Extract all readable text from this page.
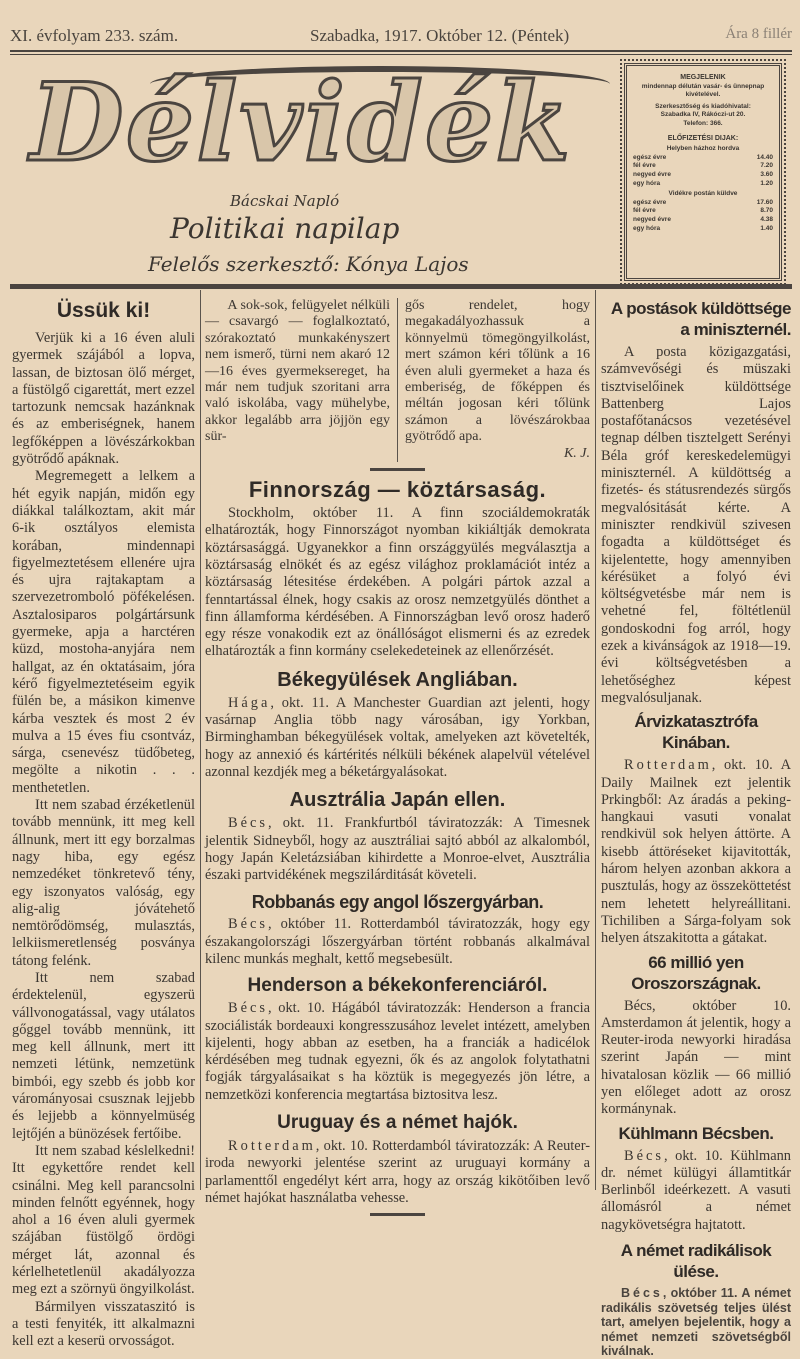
XI. évfolyam 233. szám.	Szabadka, 1917. Október 12. (Péntek)	Ára 8 fillér
Délvidék
Bácskai Napló
Politikai napilap
Felelős szerkesztő: Kónya Lajos
MEGJELENIK
mindennap délután vasár- és ünnepnap kivételével.
Szerkesztőség és kiadóhivatal:
Szabadka IV, Rákóczi-ut 20.
Telefon: 366.
ELŐFIZETÉSI DIJAK:
Helyben házhoz hordva
egész évre	14.40
fél évre	7.20
negyed évre	3.60
egy hóra	1.20
Vidékre postán küldve
egész évre	17.60
fél évre	8.70
negyed évre	4.38
egy hóra	1.40
Üssük ki!

Verjük ki a 16 éven aluli gyermek szájából a lopva, lassan, de biztosan ölő mérget, a füstölgő cigarettát, mert ezzel tartozunk nemcsak hazánknak és az emberiségnek, hanem legfőképpen a lövészárkokban gyötrődő apáknak.

Megremegett a lelkem a hét egyik napján, midőn egy diákkal találkoztam, akit már 6-ik osztályos elemista korában, mindennapi figyelmeztetésem ellenére ujra és ujra rajtakaptam a szervezetromboló pöfékelésen. Asztalosiparos polgártársunk gyermeke, apja a harctéren küzd, mostoha-anyjára nem hallgat, az én oktatásaim, jóra kérő figyelmeztetéseim egyik fülén be, a másikon kimenve kárba vesztek és most 2 év mulva a 15 éves fiu csontváz, sárga, csenevész tüdőbeteg, megölte a nikotin . . . menthetetlen.

Itt nem szabad érzéketlenül tovább mennünk, itt meg kell állnunk, mert itt egy borzalmas nagy hiba, egy egész nemzedéket tönkretevő tény, egy iszonyatos valóság, egy alig-alig jóvátehető nemtörődömség, mulasztás, lelkiismeretlenség posványa tátong felénk.

Itt nem szabad érdektelenül, egyszerü vállvonogatással, vagy utálatos gőggel tovább mennünk, itt meg kell állnunk, mert itt nemzeti létünk, nemzetünk bimbói, egy szebb és jobb kor várományosai csusznak lejjebb és lejjebb a könnyelmüség lejtőjén a bünözések fertőibe.

Itt nem szabad késlelkedni! Itt egykettőre rendet kell csinálni. Meg kell parancsolni minden felnőtt egyénnek, hogy ahol a 16 éven aluli gyermek szájában füstölgő ördögi mérget lát, azonnal és kérlelhetetlenül akadályozza meg ezt a szörnyü öngyilkolást.

Bármilyen visszataszitó is a testi fenyiték, itt alkalmazni kell ezt a keserü orvosságot.

A sok-sok, felügyelet nélküli — csavargó — foglalkoztató, szórakoztató munkakényszert nem ismerő, türni nem akaró 12—16 éves gyermeksereget, ha már nem tudjuk szoritani arra való iskolába, vagy mühelybe, akkor legalább arra jöjjön egy sür-

gős rendelet, hogy megakadályozhassuk a könnyelmü tömegöngyilkolást, mert számon kéri tőlünk a 16 éven aluli gyermeket a haza és emberiség, de főképpen és méltán jogosan kéri tőlünk számon a lövészárokbaa gyötrődő apa.

K. J.
Finnország — köztársaság.

Stockholm, október 11. A finn szociáldemokraták elhatározták, hogy Finnországot nyomban kikiáltják demokrata köztársasággá. Ugyanekkor a finn országgyülés megválasztja a köztársaság elnökét és az egész világhoz proklamációt intéz a köztársaság létesitése érdekében. A polgári pártok azzal a fenntartással élnek, hogy csakis az orosz nemzetgyülés dönthet a finn államforma kérdésében. A Finnországban levő orosz haderő egy része vonakodik ezt az önállóságot elismerni és az ezredek elhatározták a finn kormány cselekedeteinek az ellenőrzését.

Békegyülések Angliában.

Hága, okt. 11. A Manchester Guardian azt jelenti, hogy vasárnap Anglia több nagy városában, igy Yorkban, Birminghamban békegyülések voltak, amelyeken azt követelték, hogy az annexió és kártérités nélküli békének alapelvül vételével azonnal kezdjék meg a béketárgyalásokat.

Ausztrália Japán ellen.

Bécs, okt. 11. Frankfurtból táviratozzák: A Timesnek jelentik Sidneyből, hogy az ausztráliai sajtó abból az alkalomból, hogy Japán Keletázsiában kihirdette a Monroe-elvet, Ausztrália északi partvidékének megszilárditását követeli.

Robbanás egy angol lőszergyárban.

Bécs, október 11. Rotterdamból táviratozzák, hogy egy északangolországi lőszergyárban történt robbanás alkalmával kilenc munkás meghalt, kettő megsebesült.

Henderson a békekonferenciáról.

Bécs, okt. 10. Hágából táviratozzák: Henderson a francia szociálisták bordeauxi kongresszusához levelet intézett, amelyben kijelenti, hogy abban az esetben, ha a franciák a hadicélok kérdésében meg tudnak egyezni, ők és az angolok folytathatni fogják tárgyalásaikat s ha köztük is megegyezés jön létre, a nemzetközi konferencia megtartása biztositva lesz.

Uruguay és a német hajók.

Rotterdam, okt. 10. Rotterdamból táviratozzák: A Reuter-iroda newyorki jelentése szerint az uruguayi kormány a parlamenttől engedélyt kért arra, hogy az ország kikötőiben levő német hajókat használatba vehesse.

A postások küldöttsége a miniszternél.

A posta közigazgatási, számvevőségi és müszaki tisztviselőinek küldöttsége Battenberg Lajos postafőtanácsos vezetésével tegnap délben tisztelgett Serényi Béla gróf kereskedelemügyi miniszternél. A küldöttség a fizetés- és státusrendezés sürgős megvalósitását kérte. A miniszter rendkivül szivesen fogadta a küldöttséget és kijelentette, hogy amennyiben kérésüket a folyó évi költségvetésbe már nem is vehetné fel, föltétlenül gondoskodni fog arról, hogy ezek a kivánságok az 1918—19. évi költségvetésben a lehetőséghez képest megvalósuljanak.

Árvizkatasztrófa Kinában.

Rotterdam, okt. 10. A Daily Mailnek ezt jelentik Prkingből: Az áradás a peking-hangkaui vasuti vonalat rendkivül sok helyen áttörte. A kisebb áttöréseket kijavitották, három helyen azonban akkora a pusztulás, hogy az összeköttetést nem lehetett helyreállitani. Tichiliben a Sárga-folyam sok helyen átszakitotta a gátakat.

66 millió yen Oroszországnak.

Bécs, október 10. Amsterdamon át jelentik, hogy a Reuter-iroda newyorki hiradása szerint Japán — mint hivatalosan közlik — 66 millió yen előleget adott az orosz kormánynak.

Kühlmann Bécsben.

Bécs, okt. 10. Kühlmann dr. német külügyi államtitkár Berlinből ideérkezett. A vasuti állomásról a német nagykövetségra hajtatott.

A német radikálisok ülése.

Bécs, október 11. A német radikális szövetség teljes ülést tart, amelyen bejelentik, hogy a német nemzeti szövetségből kiválnak.
